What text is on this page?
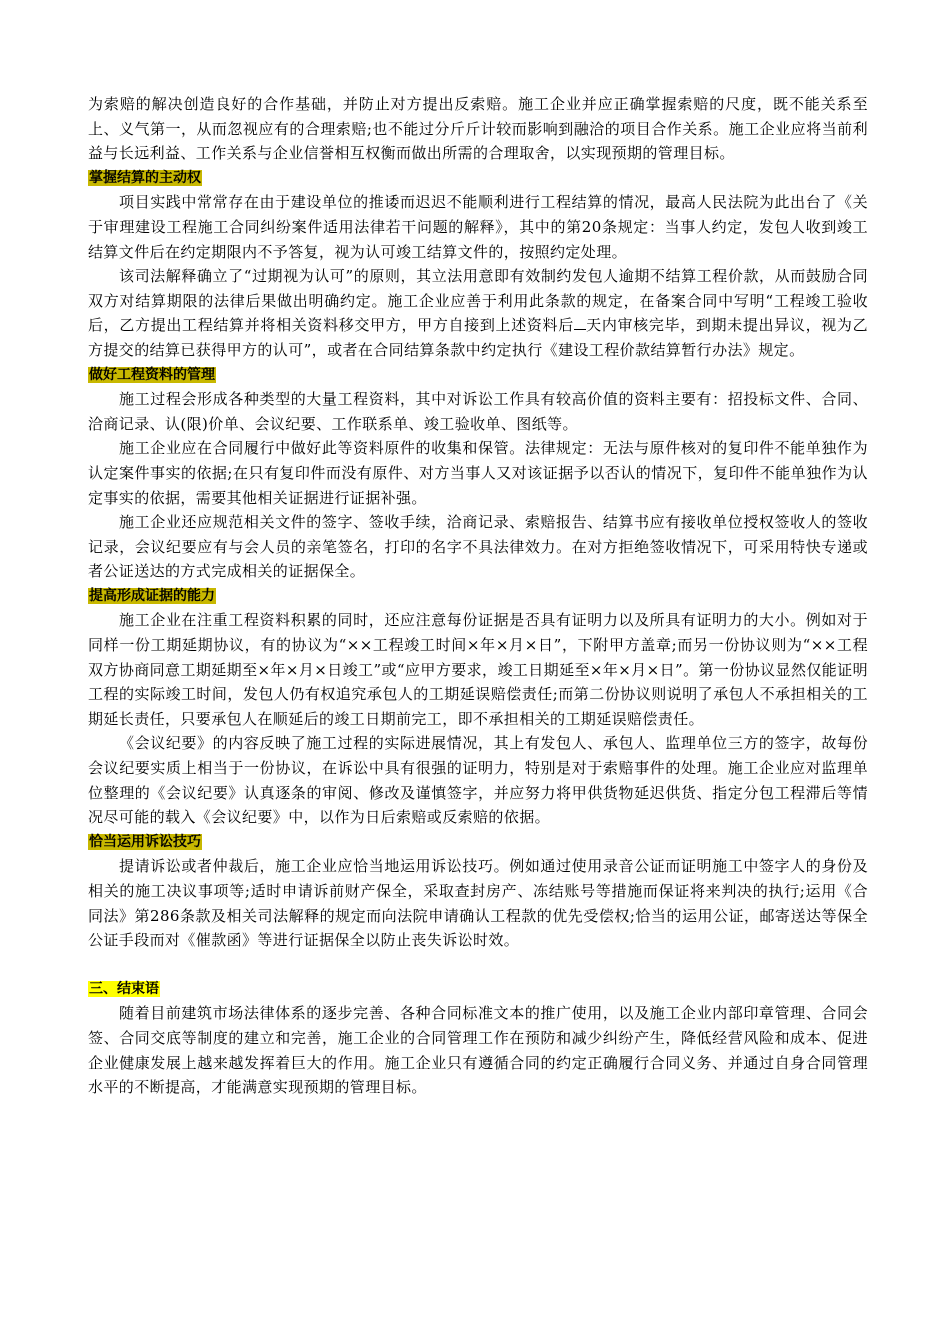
为索赔的解决创造良好的合作基础，并防止对方提出反索赔。施工企业并应正确掌握索赔的尺度，既不能关系至上、义气第一，从而忽视应有的合理索赔;也不能过分斤斤计较而影响到融洽的项目合作关系。施工企业应将当前利益与长远利益、工作关系与企业信誉相互权衡而做出所需的合理取舍，以实现预期的管理目标。

掌握结算的主动权

项目实践中常常存在由于建设单位的推诿而迟迟不能顺利进行工程结算的情况，最高人民法院为此出台了《关于审理建设工程施工合同纠纷案件适用法律若干问题的解释》，其中的第20条规定：当事人约定，发包人收到竣工结算文件后在约定期限内不予答复，视为认可竣工结算文件的，按照约定处理。

该司法解释确立了“过期视为认可”的原则，其立法用意即有效制约发包人逾期不结算工程价款，从而鼓励合同双方对结算期限的法律后果做出明确约定。施工企业应善于利用此条款的规定，在备案合同中写明“工程竣工验收后，乙方提出工程结算并将相关资料移交甲方，甲方自接到上述资料后 天内审核完毕，到期未提出异议，视为乙方提交的结算已获得甲方的认可”，或者在合同结算条款中约定执行《建设工程价款结算暂行办法》规定。

做好工程资料的管理

施工过程会形成各种类型的大量工程资料，其中对诉讼工作具有较高价值的资料主要有：招投标文件、合同、洽商记录、认(限)价单、会议纪要、工作联系单、竣工验收单、图纸等。

施工企业应在合同履行中做好此等资料原件的收集和保管。法律规定：无法与原件核对的复印件不能单独作为认定案件事实的依据;在只有复印件而没有原件、对方当事人又对该证据予以否认的情况下，复印件不能单独作为认定事实的依据，需要其他相关证据进行证据补强。

施工企业还应规范相关文件的签字、签收手续，洽商记录、索赔报告、结算书应有接收单位授权签收人的签收记录，会议纪要应有与会人员的亲笔签名，打印的名字不具法律效力。在对方拒绝签收情况下，可采用特快专递或者公证送达的方式完成相关的证据保全。

提高形成证据的能力

施工企业在注重工程资料积累的同时，还应注意每份证据是否具有证明力以及所具有证明力的大小。例如对于同样一份工期延期协议，有的协议为“××工程竣工时间×年×月×日”，下附甲方盖章;而另一份协议则为“××工程双方协商同意工期延期至×年×月×日竣工”或“应甲方要求，竣工日期延至×年×月×日”。第一份协议显然仅能证明工程的实际竣工时间，发包人仍有权追究承包人的工期延误赔偿责任;而第二份协议则说明了承包人不承担相关的工期延长责任，只要承包人在顺延后的竣工日期前完工，即不承担相关的工期延误赔偿责任。

《会议纪要》的内容反映了施工过程的实际进展情况，其上有发包人、承包人、监理单位三方的签字，故每份会议纪要实质上相当于一份协议，在诉讼中具有很强的证明力，特别是对于索赔事件的处理。施工企业应对监理单位整理的《会议纪要》认真逐条的审阅、修改及谨慎签字，并应努力将甲供货物延迟供货、指定分包工程滞后等情况尽可能的载入《会议纪要》中，以作为日后索赔或反索赔的依据。

恰当运用诉讼技巧

提请诉讼或者仲裁后，施工企业应恰当地运用诉讼技巧。例如通过使用录音公证而证明施工中签字人的身份及相关的施工决议事项等;适时申请诉前财产保全，采取查封房产、冻结账号等措施而保证将来判决的执行;运用《合同法》第286条款及相关司法解释的规定而向法院申请确认工程款的优先受偿权;恰当的运用公证，邮寄送达等保全公证手段而对《催款函》等进行证据保全以防止丧失诉讼时效。

三、结束语

随着目前建筑市场法律体系的逐步完善、各种合同标准文本的推广使用，以及施工企业内部印章管理、合同会签、合同交底等制度的建立和完善，施工企业的合同管理工作在预防和减少纠纷产生，降低经营风险和成本、促进企业健康发展上越来越发挥着巨大的作用。施工企业只有遵循合同的约定正确履行合同义务、并通过自身合同管理水平的不断提高，才能满意实现预期的管理目标。
